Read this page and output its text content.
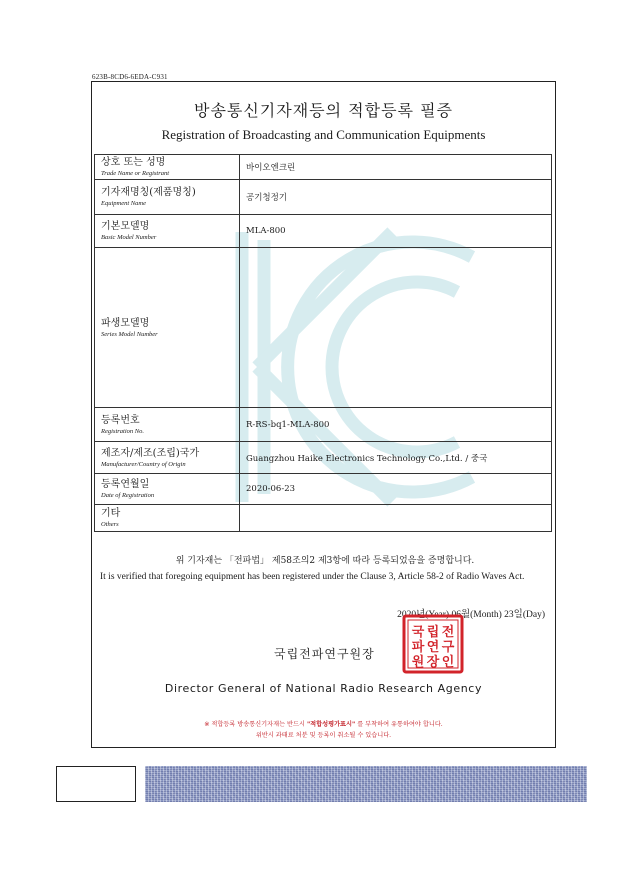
623B-8CD6-6EDA-C931
방송통신기자재등의 적합등록 필증
Registration of Broadcasting and Communication Equipments
상호 또는 성명
Trade Name or Registrant	바이오엔크린

기자재명칭(제품명칭)
Equipment Name	공기청정기

기본모델명
Basic Model Number	MLA-800

파생모델명
Series Model Number	

등록번호
Registration No.	R-RS-bq1-MLA-800

제조자/제조(조립)국가
Manufacturer/Country of Origin	Guangzhou Haike Electronics Technology Co.,Ltd. / 중국

등록연월일
Date of Registration	2020-06-23

기타
Others	

위 기자재는 「전파법」 제58조의2 제3항에 따라 등록되었음을 증명합니다.
It is verified that foregoing equipment has been registered under the Clause 3, Article 58-2 of Radio Waves Act.
2020년(Year) 06월(Month) 23일(Day)
국립전파연구원장
국 립 전
파 연 구
원 장 인
Director General of National Radio Research Agency
※ 적합등록 방송통신기자재는 반드시 "적합성평가표시" 를 부착하여 유통하여야 합니다.
위반시 과태료 처분 및 등록이 취소될 수 있습니다.
